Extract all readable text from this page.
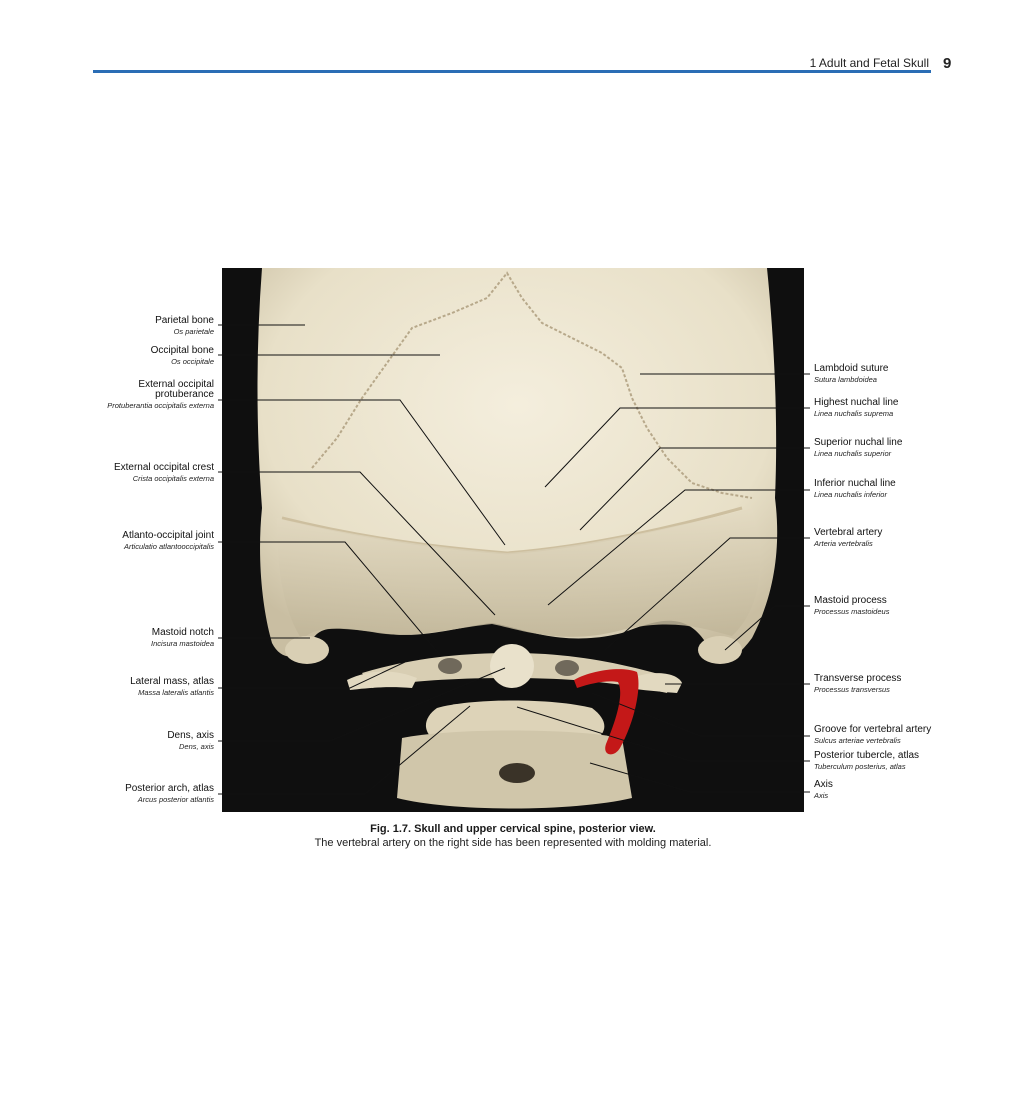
1 Adult and Fetal Skull 9
Parietal bone
Os parietale
Occipital bone
Os occipitale
External occipital
protuberance
Protuberantia occipitalis externa
External occipital crest
Crista occipitalis externa
Atlanto-occipital joint
Articulatio atlantooccipitalis
Mastoid notch
Incisura mastoidea
Lateral mass, atlas
Massa lateralis atlantis
Dens, axis
Dens, axis
Posterior arch, atlas
Arcus posterior atlantis
Lambdoid suture
Sutura lambdoidea
Highest nuchal line
Linea nuchalis suprema
Superior nuchal line
Linea nuchalis superior
Inferior nuchal line
Linea nuchalis inferior
Vertebral artery
Arteria vertebralis
Mastoid process
Processus mastoideus
Transverse process
Processus transversus
Groove for vertebral artery
Sulcus arteriae vertebralis
Posterior tubercle, atlas
Tuberculum posterius, atlas
Axis
Axis
Fig. 1.7. Skull and upper cervical spine, posterior view.
The vertebral artery on the right side has been represented with molding material.
